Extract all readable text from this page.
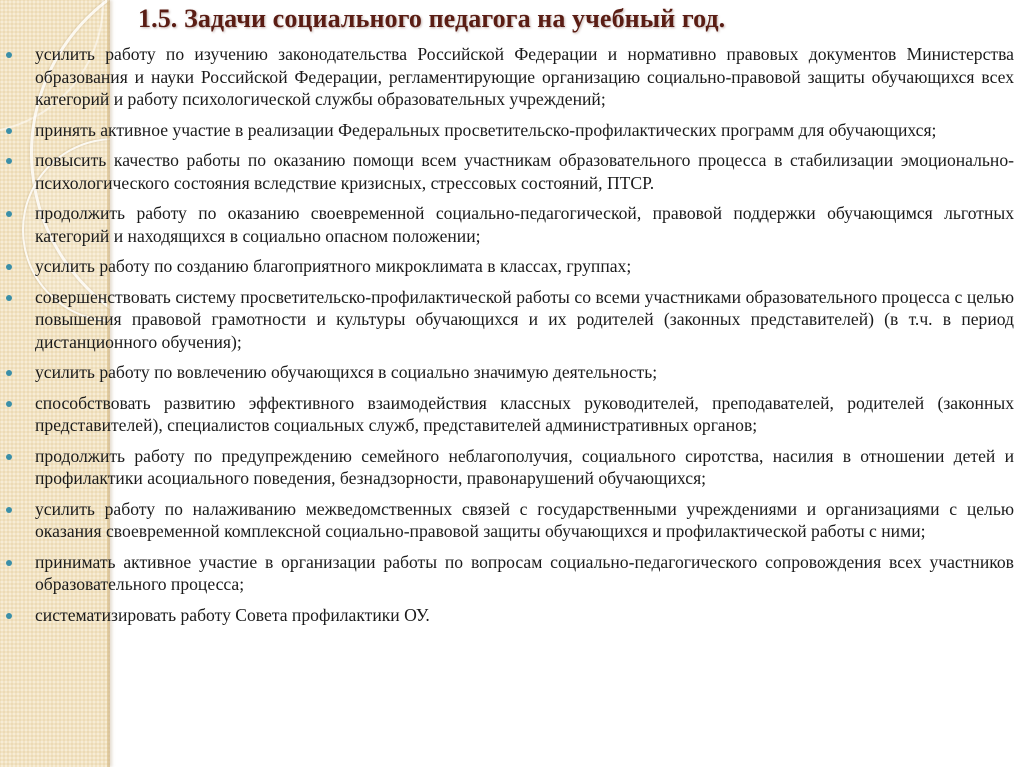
1.5. Задачи социального педагога на учебный год.
усилить работу по изучению законодательства Российской Федерации и нормативно правовых документов Министерства образования и науки Российской Федерации, регламентирующие организацию социально-правовой защиты обучающихся всех категорий и работу психологической службы образовательных учреждений;
принять активное участие в реализации Федеральных просветительско-профилактических программ для обучающихся;
повысить качество работы по оказанию помощи всем участникам образовательного процесса в стабилизации эмоционально-психологического состояния вследствие кризисных, стрессовых состояний, ПТСР.
продолжить работу по оказанию своевременной социально-педагогической, правовой поддержки обучающимся льготных категорий и находящихся в социально опасном положении;
усилить работу по созданию благоприятного микроклимата в классах, группах;
совершенствовать систему просветительско-профилактической работы со всеми участниками образовательного процесса с целью повышения правовой грамотности и культуры обучающихся и их родителей (законных представителей) (в т.ч. в период дистанционного обучения);
усилить работу по вовлечению обучающихся в социально значимую деятельность;
способствовать развитию эффективного взаимодействия классных руководителей, преподавателей, родителей (законных представителей), специалистов социальных служб, представителей административных органов;
продолжить работу по предупреждению семейного неблагополучия, социального сиротства, насилия в отношении детей и профилактики асоциального поведения, безнадзорности, правонарушений обучающихся;
усилить работу по налаживанию межведомственных связей с государственными учреждениями и организациями с целью оказания своевременной комплексной социально-правовой защиты обучающихся и профилактической работы с ними;
принимать активное участие в организации работы по вопросам социально-педагогического сопровождения всех участников образовательного процесса;
систематизировать работу Совета профилактики ОУ.
